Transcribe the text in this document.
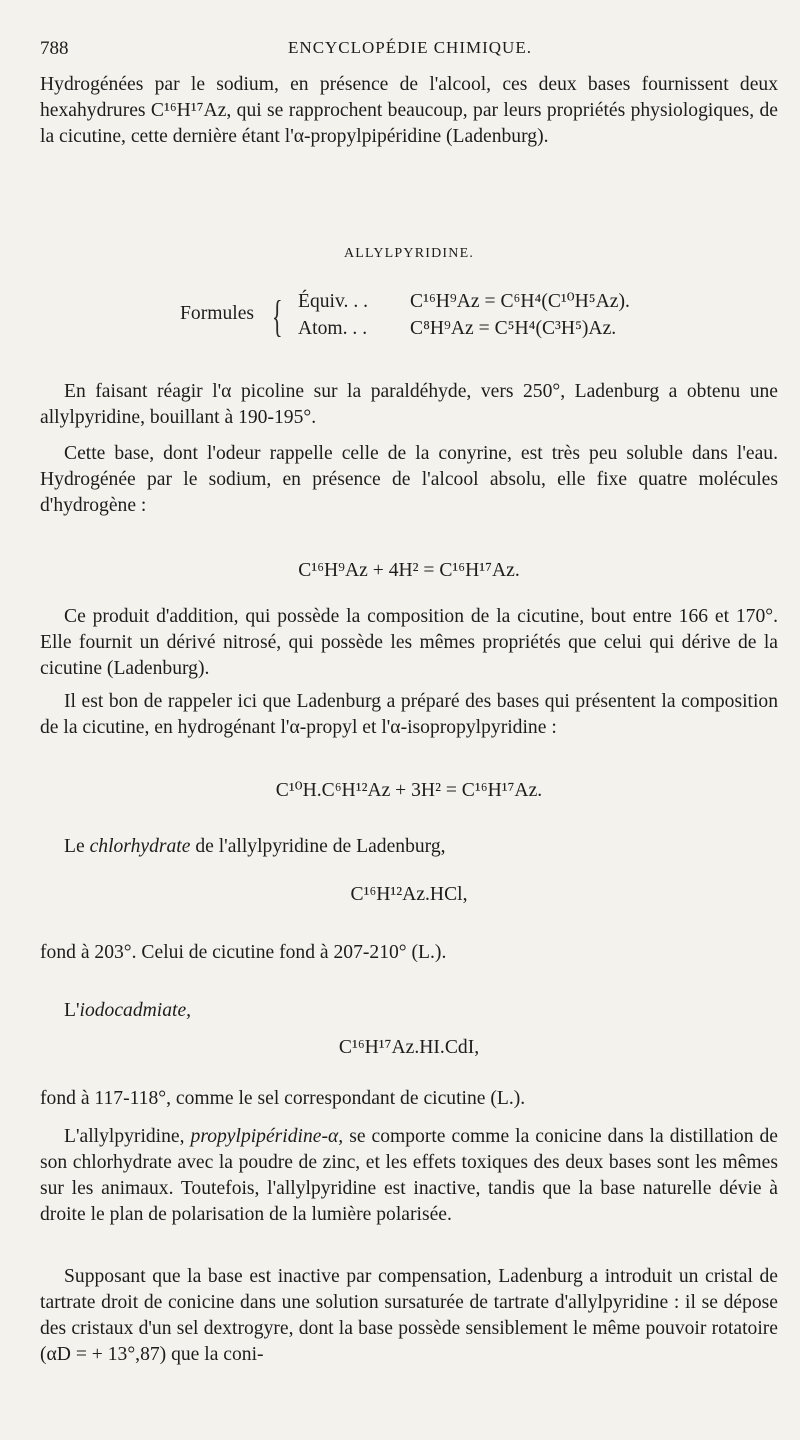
788	ENCYCLOPÉDIE CHIMIQUE.
Hydrogénées par le sodium, en présence de l'alcool, ces deux bases fournissent deux hexahydrures C¹⁶H¹⁷Az, qui se rapprochent beaucoup, par leurs propriétés physiologiques, de la cicutine, cette dernière étant l'α-propylpipéridine (Ladenburg).
ALLYLPYRIDINE.
Formules { Équiv. . . C¹⁶H⁹Az = C⁶H⁴(C¹⁰H⁵Az).
Atom. . . C⁸H⁹Az = C⁵H⁴(C³H⁵)Az.
En faisant réagir l'α picoline sur la paraldéhyde, vers 250°, Ladenburg a obtenu une allylpyridine, bouillant à 190-195°.
Cette base, dont l'odeur rappelle celle de la conyrine, est très peu soluble dans l'eau. Hydrogénée par le sodium, en présence de l'alcool absolu, elle fixe quatre molécules d'hydrogène :
C¹⁶H⁹Az + 4H² = C¹⁶H¹⁷Az.
Ce produit d'addition, qui possède la composition de la cicutine, bout entre 166 et 170°. Elle fournit un dérivé nitrosé, qui possède les mêmes propriétés que celui qui dérive de la cicutine (Ladenburg).
Il est bon de rappeler ici que Ladenburg a préparé des bases qui présentent la composition de la cicutine, en hydrogénant l'α-propyl et l'α-isopropylpyridine :
C¹⁰H.C⁶H¹²Az + 3H² = C¹⁶H¹⁷Az.
Le chlorhydrate de l'allylpyridine de Ladenburg,
C¹⁶H¹²Az.HCl,
fond à 203°. Celui de cicutine fond à 207-210° (L.).
L'iodocadmiate,
C¹⁶H¹⁷Az.HI.CdI,
fond à 117-118°, comme le sel correspondant de cicutine (L.).
L'allylpyridine, propylpipéridine-α, se comporte comme la conicine dans la distillation de son chlorhydrate avec la poudre de zinc, et les effets toxiques des deux bases sont les mêmes sur les animaux. Toutefois, l'allylpyridine est inactive, tandis que la base naturelle dévie à droite le plan de polarisation de la lumière polarisée.
Supposant que la base est inactive par compensation, Ladenburg a introduit un cristal de tartrate droit de conicine dans une solution sursaturée de tartrate d'allylpyridine : il se dépose des cristaux d'un sel dextrogyre, dont la base possède sensiblement le même pouvoir rotatoire (αD = + 13°,87) que la coni-
